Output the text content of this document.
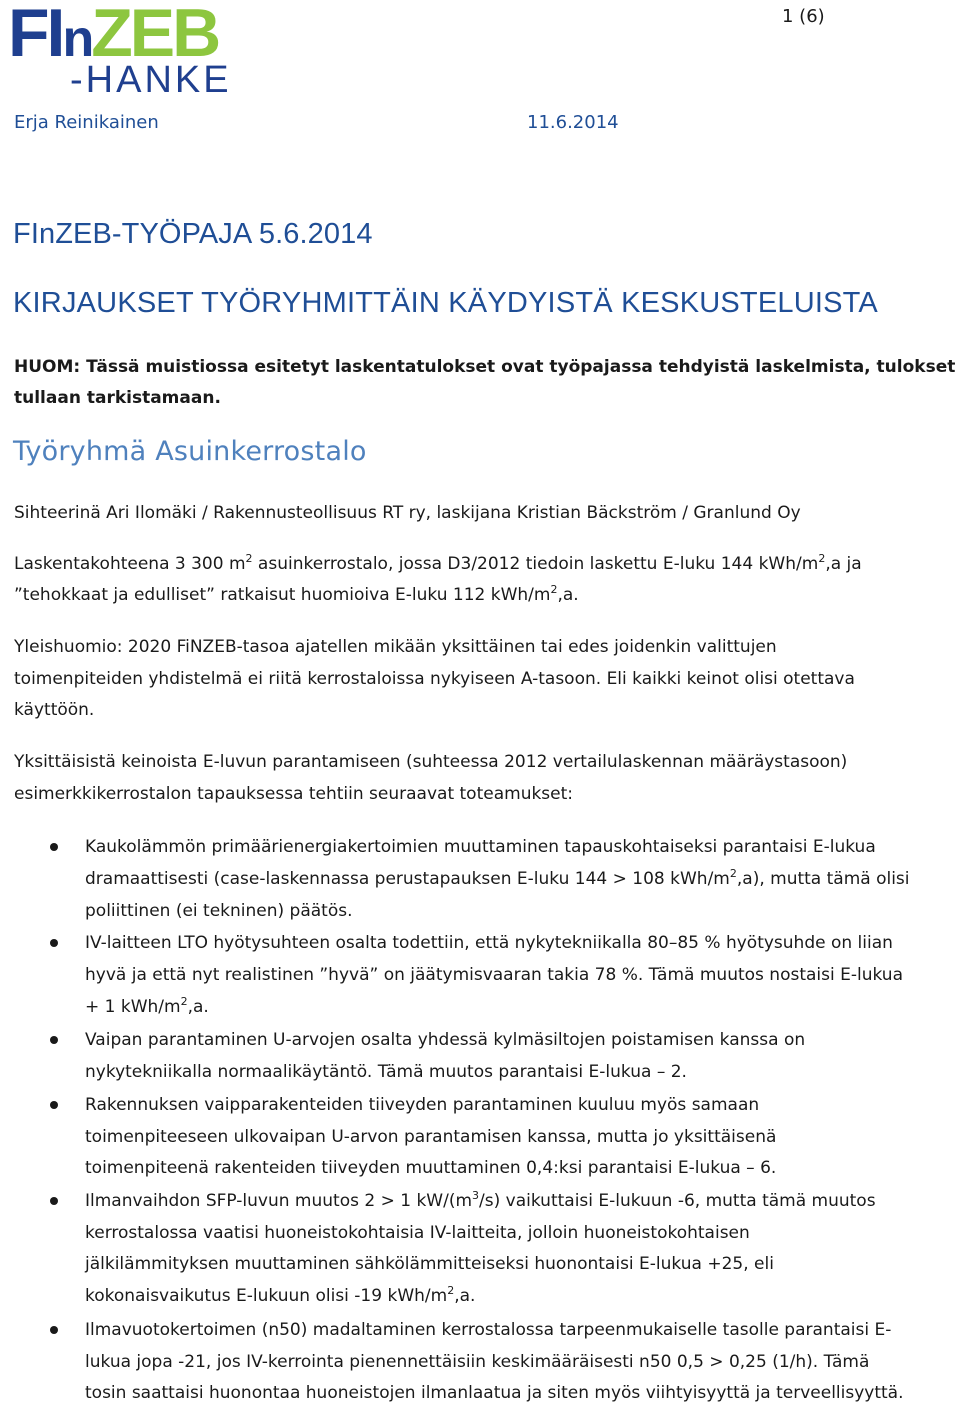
FInZEB
-HANKE
1 (6)
Erja Reinikainen	11.6.2014
FInZEB-TYÖPAJA 5.6.2014
KIRJAUKSET TYÖRYHMITTÄIN KÄYDYISTÄ KESKUSTELUISTA
HUOM: Tässä muistiossa esitetyt laskentatulokset ovat työpajassa tehdyistä laskelmista, tulokset
tullaan tarkistamaan.
Työryhmä Asuinkerrostalo
Sihteerinä Ari Ilomäki / Rakennusteollisuus RT ry, laskijana Kristian Bäckström / Granlund Oy
Laskentakohteena 3 300 $m^2$ asuinkerrostalo, jossa D3/2012 tiedoin laskettu E-luku 144 kWh/$m^2,a$ ja
”tehokkaat ja edulliset” ratkaisut huomioiva E-luku 112 kWh/$m^2,a$.
Yleishuomio: 2020 FiNZEB-tasoa ajatellen mikään yksittäinen tai edes joidenkin valittujen
toimenpiteiden yhdistelmä ei riitä kerrostaloissa nykyiseen A-tasoon. Eli kaikki keinot olisi otettava
käyttöön.
Yksittäisistä keinoista E-luvun parantamiseen (suhteessa 2012 vertailulaskennan määräystasoon)
esimerkkikerrostalon tapauksessa tehtiin seuraavat toteamukset:
Kaukolämmön primäärienergiakertoimien muuttaminen tapauskohtaiseksi parantaisi E-lukua
dramaattisesti (case-laskennassa perustapauksen E-luku 144 > 108 kWh/$m^2,a$), mutta tämä olisi
poliittinen (ei tekninen) päätös.
IV-laitteen LTO hyötysuhteen osalta todettiin, että nykytekniikalla 80–85 % hyötysuhde on liian
hyvä ja että nyt realistinen ”hyvä” on jäätymisvaaran takia 78 %. Tämä muutos nostaisi E-lukua
+ 1 kWh/$m^2,a$.
Vaipan parantaminen U-arvojen osalta yhdessä kylmäsiltojen poistamisen kanssa on
nykytekniikalla normaalikäytäntö. Tämä muutos parantaisi E-lukua – 2.
Rakennuksen vaipparakenteiden tiiveyden parantaminen kuuluu myös samaan
toimenpiteeseen ulkovaipan U-arvon parantamisen kanssa, mutta jo yksittäisenä
toimenpiteenä rakenteiden tiiveyden muuttaminen 0,4:ksi parantaisi E-lukua – 6.
Ilmanvaihdon SFP-luvun muutos 2 > 1 $kW/(m^3/s)$ vaikuttaisi E-lukuun -6, mutta tämä muutos
kerrostalossa vaatisi huoneistokohtaisia IV-laitteita, jolloin huoneistokohtaisen
jälkilämmityksen muuttaminen sähkölämmitteiseksi huonontaisi E-lukua +25, eli
kokonaisvaikutus E-lukuun olisi -19 kWh/$m^2,a$.
Ilmavuotokertoimen (n50) madaltaminen kerrostalossa tarpeenmukaiselle tasolle parantaisi E-
lukua jopa -21, jos IV-kerrointa pienennettäisiin keskimääräisesti n50 0,5 > 0,25 (1/h). Tämä
tosin saattaisi huonontaa huoneistojen ilmanlaatua ja siten myös viihtyisyyttä ja terveellisyyttä.
